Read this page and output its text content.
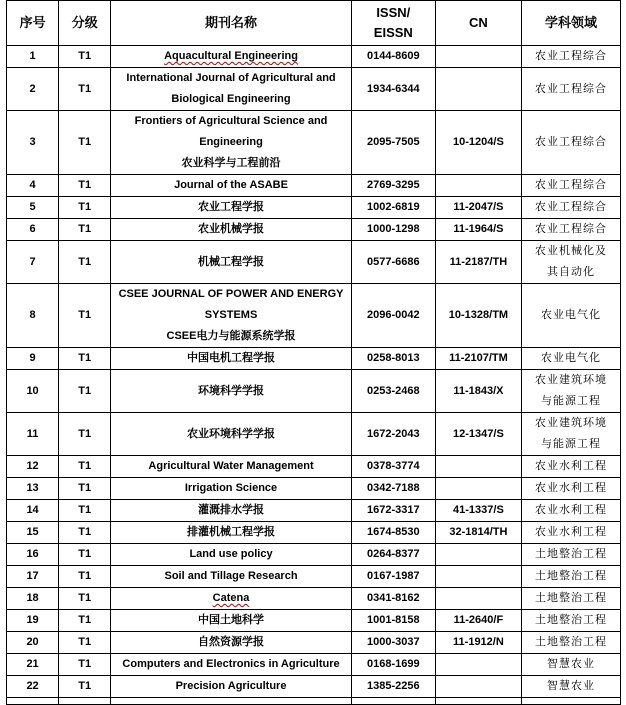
序号	分级	期刊名称	ISSN/
EISSN	CN	学科领域
1	T1	Aquacultural Engineering	0144-8609		农业工程综合

2	T1	International Journal of Agricultural and
Biological Engineering	1934-6344		农业工程综合

3	T1	Frontiers of Agricultural Science and Engineering
农业科学与工程前沿	2095-7505	10-1204/S	农业工程综合

4	T1	Journal of the ASABE	2769-3295		农业工程综合

5	T1	农业工程学报	1002-6819	11-2047/S	农业工程综合

6	T1	农业机械学报	1000-1298	11-1964/S	农业工程综合

7	T1	机械工程学报	0577-6686	11-2187/TH	农业机械化及
其自动化

8	T1	CSEE JOURNAL OF POWER AND ENERGY SYSTEMS
CSEE电力与能源系统学报	2096-0042	10-1328/TM	农业电气化

9	T1	中国电机工程学报	0258-8013	11-2107/TM	农业电气化

10	T1	环境科学学报	0253-2468	11-1843/X	农业建筑环境
与能源工程

11	T1	农业环境科学学报	1672-2043	12-1347/S	农业建筑环境
与能源工程

12	T1	Agricultural Water Management	0378-3774		农业水利工程

13	T1	Irrigation Science	0342-7188		农业水利工程

14	T1	灌溉排水学报	1672-3317	41-1337/S	农业水利工程

15	T1	排灌机械工程学报	1674-8530	32-1814/TH	农业水利工程

16	T1	Land use policy	0264-8377		土地整治工程

17	T1	Soil and Tillage Research	0167-1987		土地整治工程

18	T1	Catena	0341-8162		土地整治工程

19	T1	中国土地科学	1001-8158	11-2640/F	土地整治工程

20	T1	自然资源学报	1000-3037	11-1912/N	土地整治工程

21	T1	Computers and Electronics in Agriculture	0168-1699		智慧农业

22	T1	Precision Agriculture	1385-2256		智慧农业
